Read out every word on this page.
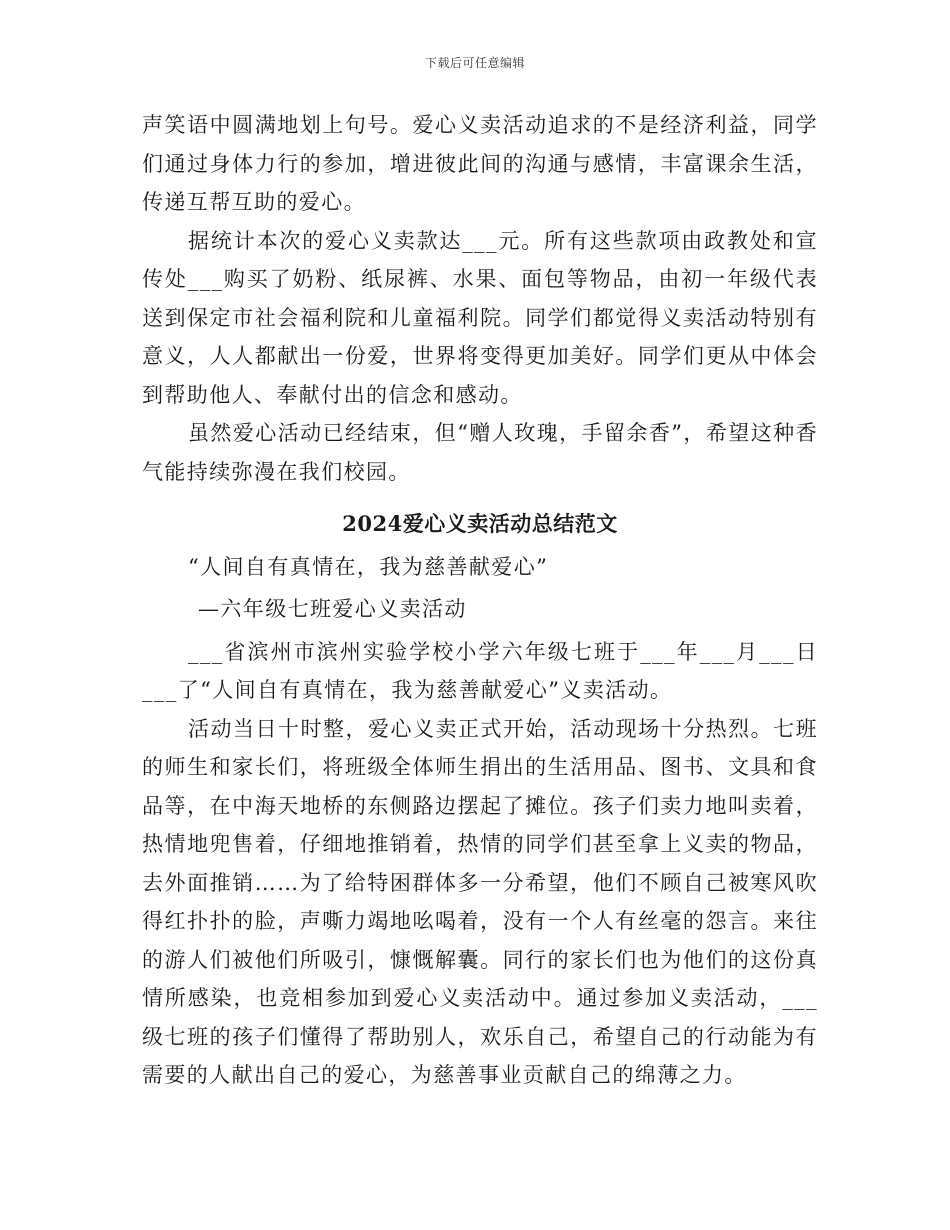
下载后可任意编辑

声笑语中圆满地划上句号。爱心义卖活动追求的不是经济利益，同学们通过身体力行的参加，增进彼此间的沟通与感情，丰富课余生活，传递互帮互助的爱心。

据统计本次的爱心义卖款达___元。所有这些款项由政教处和宣传处___购买了奶粉、纸尿裤、水果、面包等物品，由初一年级代表送到保定市社会福利院和儿童福利院。同学们都觉得义卖活动特别有意义，人人都献出一份爱，世界将变得更加美好。同学们更从中体会到帮助他人、奉献付出的信念和感动。

虽然爱心活动已经结束，但“赠人玫瑰，手留余香”，希望这种香气能持续弥漫在我们校园。

2024爱心义卖活动总结范文

“人间自有真情在，我为慈善献爱心”

—六年级七班爱心义卖活动

___省滨州市滨州实验学校小学六年级七班于___年___月___日___了“人间自有真情在，我为慈善献爱心”义卖活动。

活动当日十时整，爱心义卖正式开始，活动现场十分热烈。七班的师生和家长们，将班级全体师生捐出的生活用品、图书、文具和食品等，在中海天地桥的东侧路边摆起了摊位。孩子们卖力地叫卖着，热情地兜售着，仔细地推销着，热情的同学们甚至拿上义卖的物品，去外面推销……为了给特困群体多一分希望，他们不顾自己被寒风吹得红扑扑的脸，声嘶力竭地吆喝着，没有一个人有丝毫的怨言。来往的游人们被他们所吸引，慷慨解囊。同行的家长们也为他们的这份真情所感染，也竞相参加到爱心义卖活动中。通过参加义卖活动，___级七班的孩子们懂得了帮助别人，欢乐自己，希望自己的行动能为有需要的人献出自己的爱心，为慈善事业贡献自己的绵薄之力。
